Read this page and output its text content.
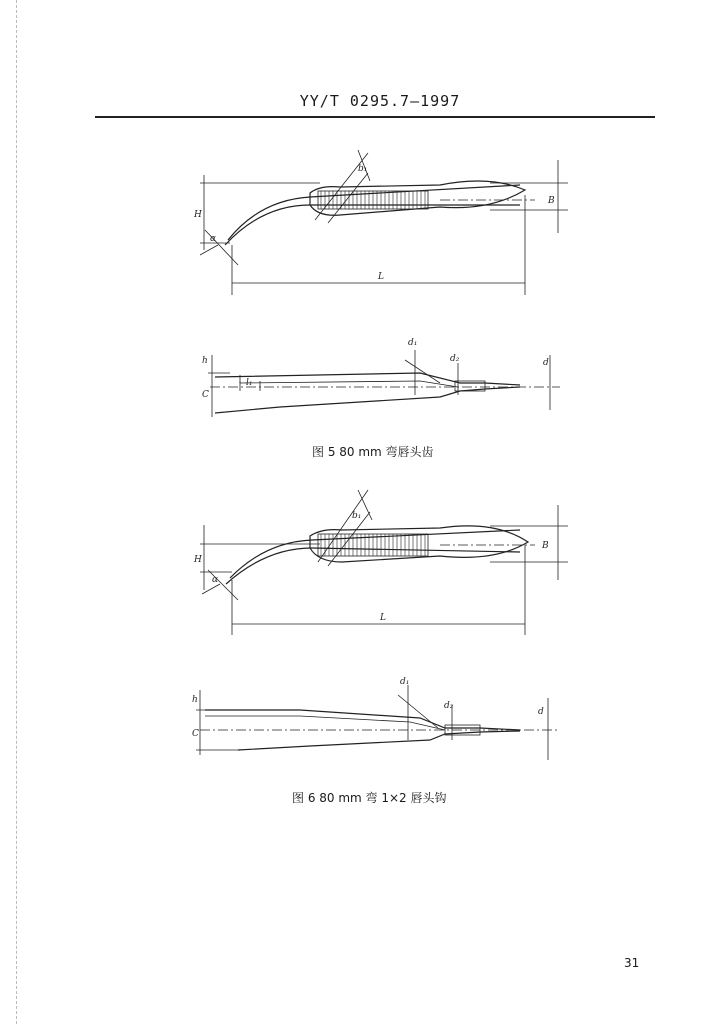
YY/T 0295.7—1997
b₁
H
α
B
L
h
C
l₁
d₁
d₂	d
图 5 80 mm 弯唇头齿
b₁
H
α
B
L
h
C
d₁
d₂
d
图 6 80 mm 弯 1×2 唇头钩
31
